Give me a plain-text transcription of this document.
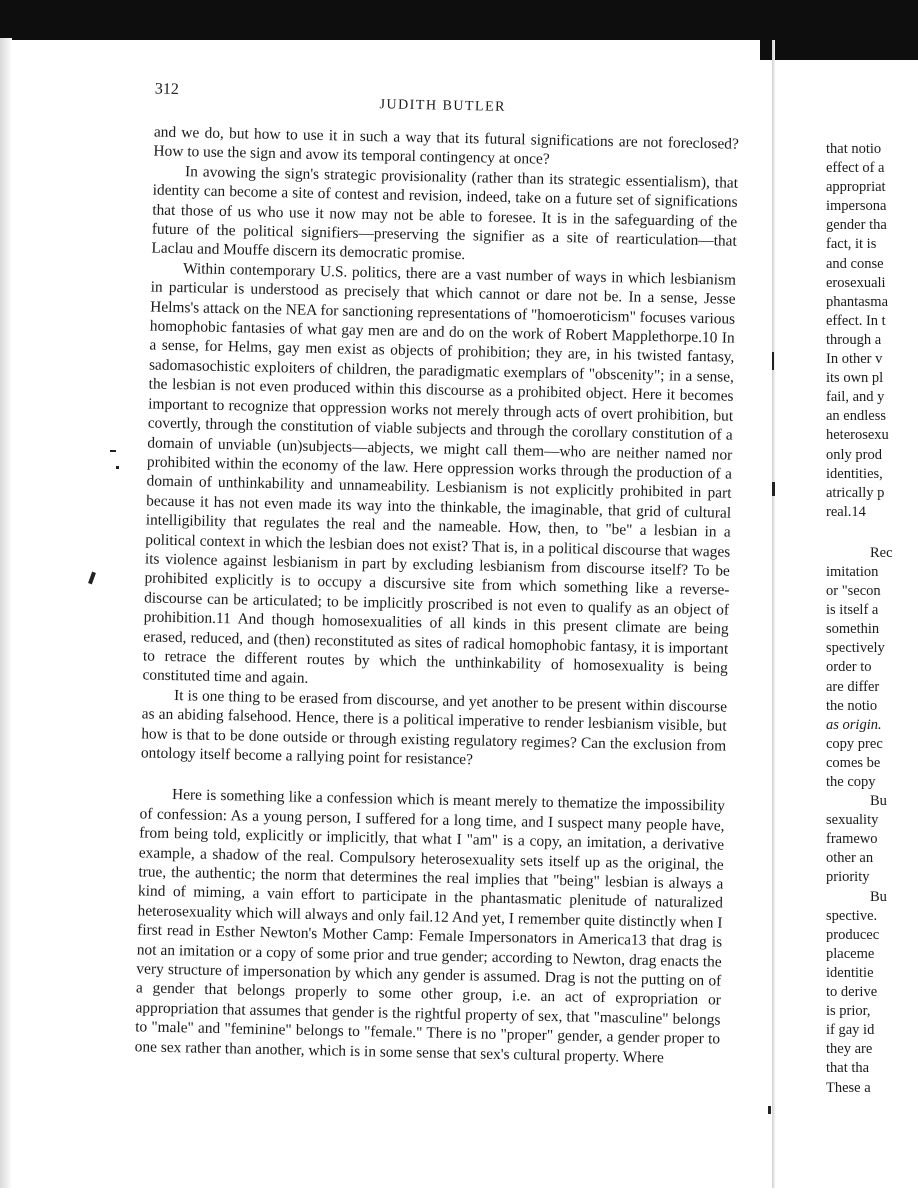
312
JUDITH BUTLER

and we do, but how to use it in such a way that its futural significations are not foreclosed? How to use the sign and avow its temporal contingency at once?

In avowing the sign's strategic provisionality (rather than its strategic essentialism), that identity can become a site of contest and revision, indeed, take on a future set of significations that those of us who use it now may not be able to foresee. It is in the safeguarding of the future of the political signifiers—preserving the signifier as a site of rearticulation—that Laclau and Mouffe discern its democratic promise.

Within contemporary U.S. politics, there are a vast number of ways in which lesbianism in particular is understood as precisely that which cannot or dare not be. In a sense, Jesse Helms's attack on the NEA for sanctioning representations of "homoeroticism" focuses various homophobic fantasies of what gay men are and do on the work of Robert Mapplethorpe.10 In a sense, for Helms, gay men exist as objects of prohibition; they are, in his twisted fantasy, sadomasochistic exploiters of children, the paradigmatic exemplars of "obscenity"; in a sense, the lesbian is not even produced within this discourse as a prohibited object. Here it becomes important to recognize that oppression works not merely through acts of overt prohibition, but covertly, through the constitution of viable subjects and through the corollary constitution of a domain of unviable (un)subjects—abjects, we might call them—who are neither named nor prohibited within the economy of the law. Here oppression works through the production of a domain of unthinkability and unnameability. Lesbianism is not explicitly prohibited in part because it has not even made its way into the thinkable, the imaginable, that grid of cultural intelligibility that regulates the real and the nameable. How, then, to "be" a lesbian in a political context in which the lesbian does not exist? That is, in a political discourse that wages its violence against lesbianism in part by excluding lesbianism from discourse itself? To be prohibited explicitly is to occupy a discursive site from which something like a reverse-discourse can be articulated; to be implicitly proscribed is not even to qualify as an object of prohibition.11 And though homosexualities of all kinds in this present climate are being erased, reduced, and (then) reconstituted as sites of radical homophobic fantasy, it is important to retrace the different routes by which the unthinkability of homosexuality is being constituted time and again.

It is one thing to be erased from discourse, and yet another to be present within discourse as an abiding falsehood. Hence, there is a political imperative to render lesbianism visible, but how is that to be done outside or through existing regulatory regimes? Can the exclusion from ontology itself become a rallying point for resistance?

Here is something like a confession which is meant merely to thematize the impossibility of confession: As a young person, I suffered for a long time, and I suspect many people have, from being told, explicitly or implicitly, that what I "am" is a copy, an imitation, a derivative example, a shadow of the real. Compulsory heterosexuality sets itself up as the original, the true, the authentic; the norm that determines the real implies that "being" lesbian is always a kind of miming, a vain effort to participate in the phantasmatic plenitude of naturalized heterosexuality which will always and only fail.12 And yet, I remember quite distinctly when I first read in Esther Newton's Mother Camp: Female Impersonators in America13 that drag is not an imitation or a copy of some prior and true gender; according to Newton, drag enacts the very structure of impersonation by which any gender is assumed. Drag is not the putting on of a gender that belongs properly to some other group, i.e. an act of expropriation or appropriation that assumes that gender is the rightful property of sex, that "masculine" belongs to "male" and "feminine" belongs to "female." There is no "proper" gender, a gender proper to one sex rather than another, which is in some sense that sex's cultural property. Where

that notio
effect of a
appropriat
impersona
gender tha
fact, it is
and conse
erosexuali
phantasma
effect. In t
through a
In other v
its own pl
fail, and y
an endless
heterosexu
only prod
identities,
atrically p
real.14
Rec
imitation
or "secon
is itself a
somethin
spectively
order to
are differ
the notio
as origin.
copy prec
comes be
the copy
Bu
sexuality
framewo
other an
priority
Bu
spective.
producec
placeme
identitie
to derive
is prior,
if gay id
they are
that tha
These a
